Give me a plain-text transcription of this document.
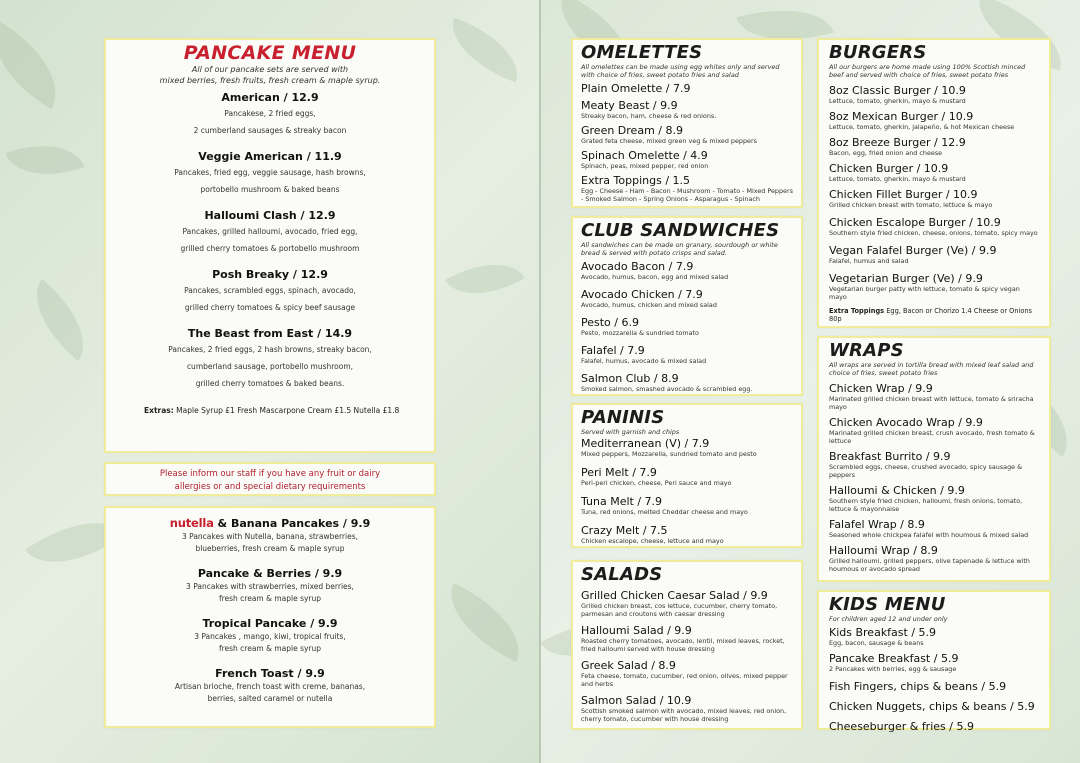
PANCAKE MENU
All of our pancake sets are served with
mixed berries, fresh fruits, fresh cream & maple syrup.
American / 12.9
Pancakese, 2 fried eggs,
2 cumberland sausages & streaky bacon
Veggie American / 11.9
Pancakes, fried egg, veggie sausage, hash browns,
portobello mushroom & baked beans
Halloumi Clash / 12.9
Pancakes, grilled halloumi, avocado, fried egg,
grilled cherry tomatoes & portobello mushroom
Posh Breaky / 12.9
Pancakes, scrambled eggs, spinach, avocado,
grilled cherry tomatoes & spicy beef sausage
The Beast from East / 14.9
Pancakes, 2 fried eggs, 2 hash browns, streaky bacon,
cumberland sausage, portobello mushroom,
grilled cherry tomatoes & baked beans.
Extras: Maple Syrup £1 Fresh Mascarpone Cream £1.5 Nutella £1.8
Please inform our staff if you have any fruit or dairy
allergies or and special dietary requirements
nutella & Banana Pancakes / 9.9
3 Pancakes with Nutella, banana, strawberries,
blueberries, fresh cream & maple syrup
Pancake & Berries / 9.9
3 Pancakes with strawberries, mixed berries,
fresh cream & maple syrup
Tropical Pancake / 9.9
3 Pancakes , mango, kiwi, tropical fruits,
fresh cream & maple syrup
French Toast / 9.9
Artisan brioche, french toast with creme, bananas,
berries, salted caramel or nutella
OMELETTES
All omelettes can be made using egg whites only and served with choice of fries, sweet potato fries and salad
Plain Omelette / 7.9
Meaty Beast / 9.9
Streaky bacon, ham, cheese & red onions.
Green Dream / 8.9
Grated feta cheese, mixed green veg & mixed peppers
Spinach Omelette / 4.9
Spinach, peas, mixed pepper, red onion
Extra Toppings / 1.5
Egg - Cheese - Ham - Bacon - Mushroom - Tomato - Mixed Peppers - Smoked Salmon - Spring Onions - Asparagus - Spinach
CLUB SANDWICHES
All sandwiches can be made on granary, sourdough or white bread & served with potato crisps and salad.
Avocado Bacon / 7.9
Avocado, humus, bacon, egg and mixed salad
Avocado Chicken / 7.9
Avocado, humus, chicken and mixed salad
Pesto / 6.9
Pesto, mozzarella & sundried tomato
Falafel / 7.9
Falafel, humus, avocado & mixed salad
Salmon Club / 8.9
Smoked salmon, smashed avocado & scrambled egg.
PANINIS
Served with garnish and chips
Mediterranean (V) / 7.9
Mixed peppers, Mozzarella, sundried tomato and pesto
Peri Melt / 7.9
Peri-peri chicken, cheese, Peri sauce and mayo
Tuna Melt / 7.9
Tuna, red onions, melted Cheddar cheese and mayo
Crazy Melt / 7.5
Chicken escalope, cheese, lettuce and mayo
SALADS
Grilled Chicken Caesar Salad / 9.9
Grilled chicken breast, cos lettuce, cucumber, cherry tomato, parmesan and croutons with caesar dressing
Halloumi Salad / 9.9
Roasted cherry tomatoes, avocado, lentil, mixed leaves, rocket, fried halloumi served with house dressing
Greek Salad / 8.9
Feta cheese, tomato, cucumber, red onion, olives, mixed pepper and herbs
Salmon Salad / 10.9
Scottish smoked salmon with avocado, mixed leaves, red onion, cherry tomato, cucumber with house dressing
BURGERS
All our burgers are home made using 100% Scottish minced beef and served with choice of fries, sweet potato fries
8oz Classic Burger / 10.9
Lettuce, tomato, gherkin, mayo & mustard
8oz Mexican Burger / 10.9
Lettuce, tomato, gherkin, jalapeño, & hot Mexican cheese
8oz Breeze Burger / 12.9
Bacon, egg, fried onion and cheese
Chicken Burger / 10.9
Lettuce, tomato, gherkin, mayo & mustard
Chicken Fillet Burger / 10.9
Grilled chicken breast with tomato, lettuce & mayo
Chicken Escalope Burger / 10.9
Southern style fried chicken, cheese, onions, tomato, spicy mayo
Vegan Falafel Burger (Ve) / 9.9
Falafel, humus and salad
Vegetarian Burger (Ve) / 9.9
Vegetarian burger patty with lettuce, tomato & spicy vegan mayo
Extra Toppings Egg, Bacon or Chorizo 1.4 Cheese or Onions 80p
WRAPS
All wraps are served in tortilla bread with mixed leaf salad and choice of fries, sweet potato fries
Chicken Wrap / 9.9
Marinated grilled chicken breast with lettuce, tomato & sriracha mayo
Chicken Avocado Wrap / 9.9
Marinated grilled chicken breast, crush avocado, fresh tomato & lettuce
Breakfast Burrito / 9.9
Scrambled eggs, cheese, crushed avocado, spicy sausage & peppers
Halloumi & Chicken / 9.9
Southern style fried chicken, halloumi, fresh onions, tomato, lettuce & mayonnaise
Falafel Wrap / 8.9
Seasoned whole chickpea falafel with houmous & mixed salad
Halloumi Wrap / 8.9
Grilled halloumi, grilled peppers, olive tapenade & lettuce with houmous or avocado spread
KIDS MENU
For children aged 12 and under only
Kids Breakfast / 5.9
Egg, bacon, sausage & beans
Pancake Breakfast / 5.9
2 Pancakes with berries, egg & sausage
Fish Fingers, chips & beans / 5.9
Chicken Nuggets, chips & beans / 5.9
Cheeseburger & fries / 5.9
